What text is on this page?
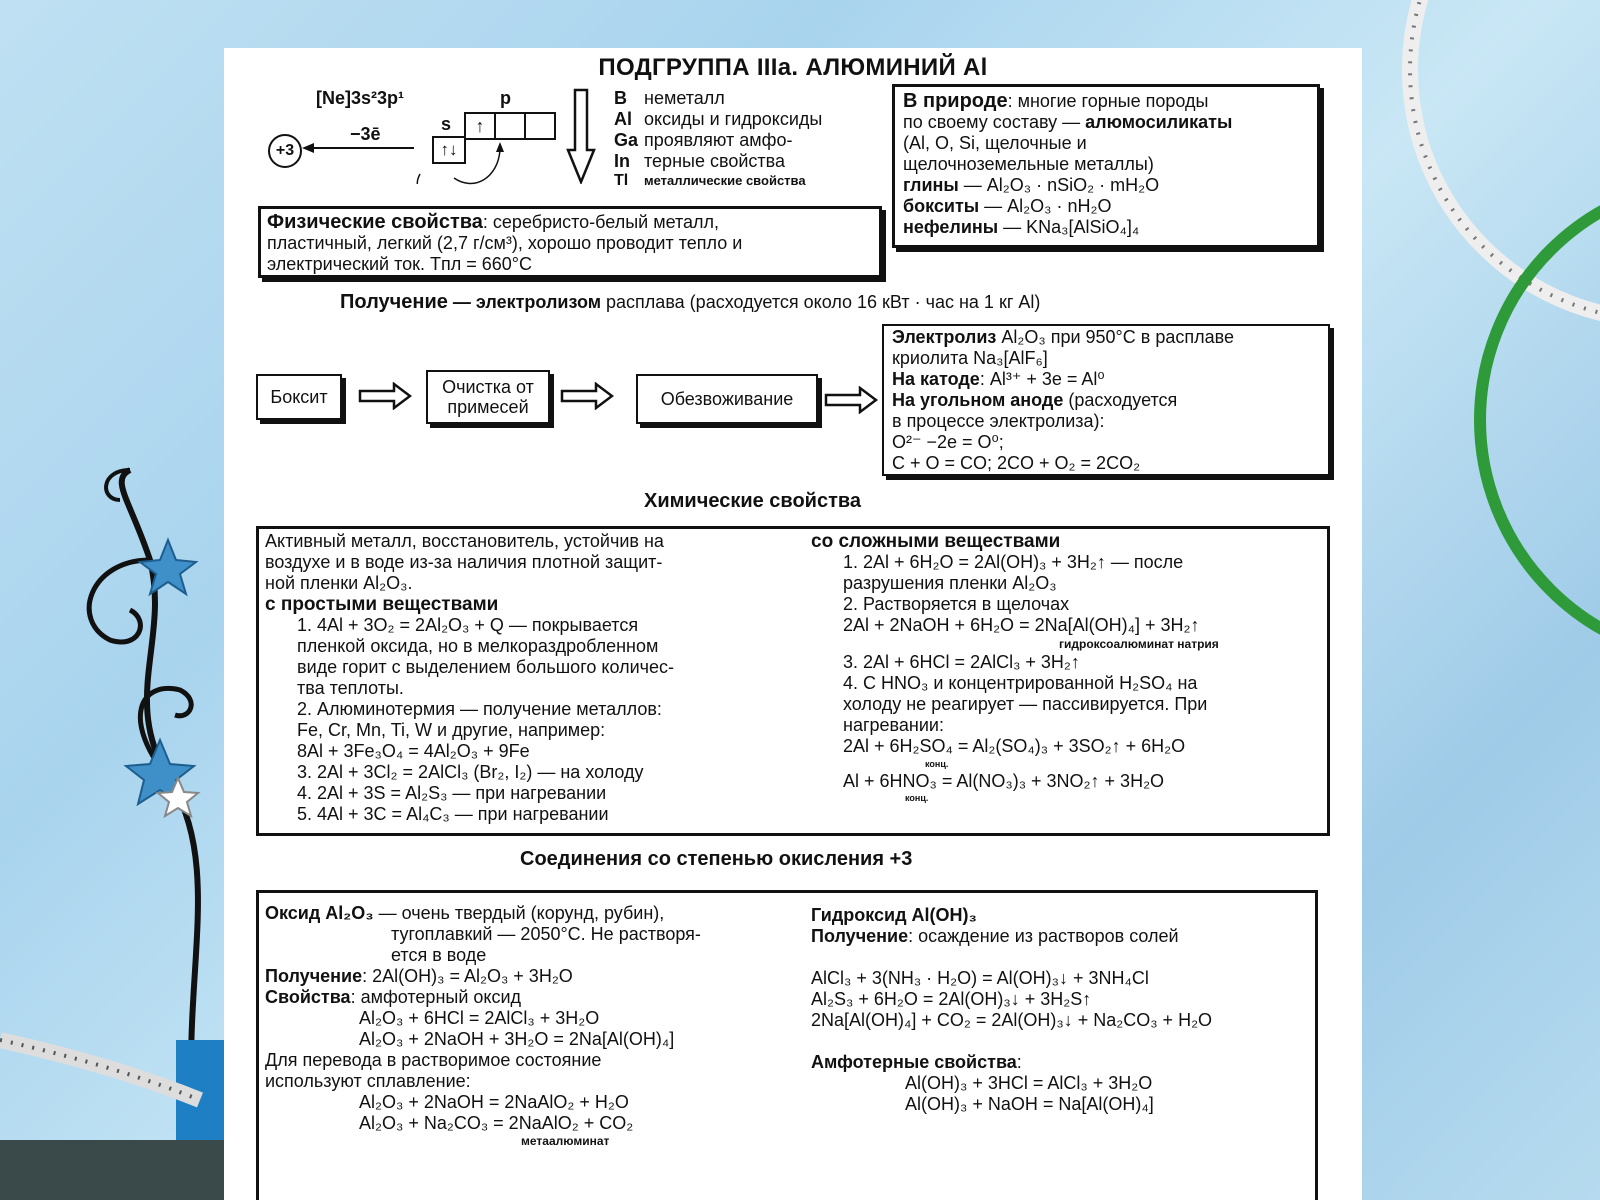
ПОДГРУППА IIIa. АЛЮМИНИЙ Al
[Ne]3s²3p¹	p
s	↑
↑↓
+3
−3ē
B неметалл
Al оксиды и гидроксиды
Ga проявляют амфо-
In терные свойства
Tl металлические свойства
В природе: многие горные породы
по своему составу — алюмосиликаты
(Al, O, Si, щелочные и
щелочноземельные металлы)
глины — Al₂O₃ · nSiO₂ · mH₂O
бокситы — Al₂O₃ · nH₂O
нефелины — KNa₃[AlSiO₄]₄
Физические свойства: серебристо-белый металл,
пластичный, легкий (2,7 г/см³), хорошо проводит тепло и
электрический ток. Tпл = 660°C
Получение — электролизом расплава (расходуется около 16 кВт · час на 1 кг Al)
Боксит	Очистка от примесей	Обезвоживание
Электролиз Al₂O₃ при 950°C в расплаве
криолита Na₃[AlF₆]
На катоде: Al³⁺ + 3e = Al⁰
На угольном аноде (расходуется
в процессе электролиза):
O²⁻ −2e = O⁰;
C + O = CO; 2CO + O₂ = 2CO₂
Химические свойства
Активный металл, восстановитель, устойчив на
воздухе и в воде из-за наличия плотной защит-
ной пленки Al₂O₃.
с простыми веществами
1. 4Al + 3O₂ = 2Al₂O₃ + Q — покрывается
пленкой оксида, но в мелкораздробленном
виде горит с выделением большого количес-
тва теплоты.
2. Алюминотермия — получение металлов:
Fe, Cr, Mn, Ti, W и другие, например:
8Al + 3Fe₃O₄ = 4Al₂O₃ + 9Fe
3. 2Al + 3Cl₂ = 2AlCl₃ (Br₂, I₂) — на холоду
4. 2Al + 3S = Al₂S₃ — при нагревании
5. 4Al + 3C = Al₄C₃ — при нагревании
со сложными веществами
1. 2Al + 6H₂O = 2Al(OH)₃ + 3H₂↑ — после
разрушения пленки Al₂O₃
2. Растворяется в щелочах
2Al + 2NaOH + 6H₂O = 2Na[Al(OH)₄] + 3H₂↑
гидроксоалюминат натрия
3. 2Al + 6HCl = 2AlCl₃ + 3H₂↑
4. С HNO₃ и концентрированной H₂SO₄ на
холоду не реагирует — пассивируется. При
нагревании:
2Al + 6H₂SO₄ = Al₂(SO₄)₃ + 3SO₂↑ + 6H₂O
конц.
Al + 6HNO₃ = Al(NO₃)₃ + 3NO₂↑ + 3H₂O
конц.
Соединения со степенью окисления +3
Оксид Al₂O₃ — очень твердый (корунд, рубин),
тугоплавкий — 2050°C. Не растворя-
ется в воде
Получение: 2Al(OH)₃ = Al₂O₃ + 3H₂O
Свойства: амфотерный оксид
Al₂O₃ + 6HCl = 2AlCl₃ + 3H₂O
Al₂O₃ + 2NaOH + 3H₂O = 2Na[Al(OH)₄]
Для перевода в растворимое состояние
используют сплавление:
Al₂O₃ + 2NaOH = 2NaAlO₂ + H₂O
Al₂O₃ + Na₂CO₃ = 2NaAlO₂ + CO₂
метаалюминат
Гидроксид Al(OH)₃
Получение: осаждение из растворов солей

AlCl₃ + 3(NH₃ · H₂O) = Al(OH)₃↓ + 3NH₄Cl
Al₂S₃ + 6H₂O = 2Al(OH)₃↓ + 3H₂S↑
2Na[Al(OH)₄] + CO₂ = 2Al(OH)₃↓ + Na₂CO₃ + H₂O

Амфотерные свойства:
Al(OH)₃ + 3HCl = AlCl₃ + 3H₂O
Al(OH)₃ + NaOH = Na[Al(OH)₄]
